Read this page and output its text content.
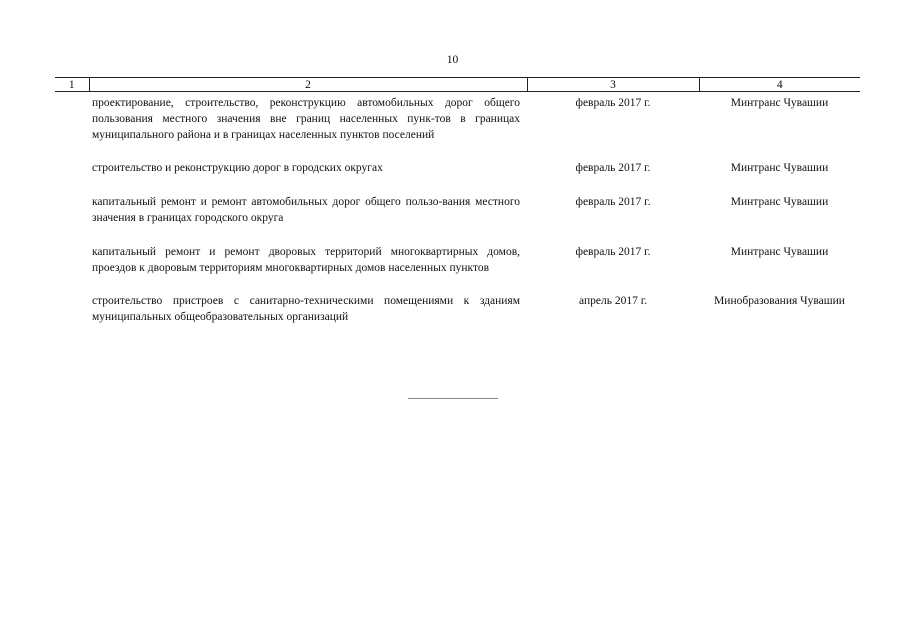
10
1	2	3	4
	проектирование, строительство, реконструкцию автомобильных дорог общего пользования местного значения вне границ населенных пунк-тов в границах муниципального района и в границах населенных пунктов поселений	февраль 2017 г.	Минтранс Чувашии
	строительство и реконструкцию дорог в городских округах	февраль 2017 г.	Минтранс Чувашии
	капитальный ремонт и ремонт автомобильных дорог общего пользо-вания местного значения в границах городского округа	февраль 2017 г.	Минтранс Чувашии
	капитальный ремонт и ремонт дворовых территорий многоквартирных домов, проездов к дворовым территориям многоквартирных домов населенных пунктов	февраль 2017 г.	Минтранс Чувашии
	строительство пристроев с санитарно-техническими помещениями к зданиям муниципальных общеобразовательных организаций	апрель 2017 г.	Минобразования Чувашии
